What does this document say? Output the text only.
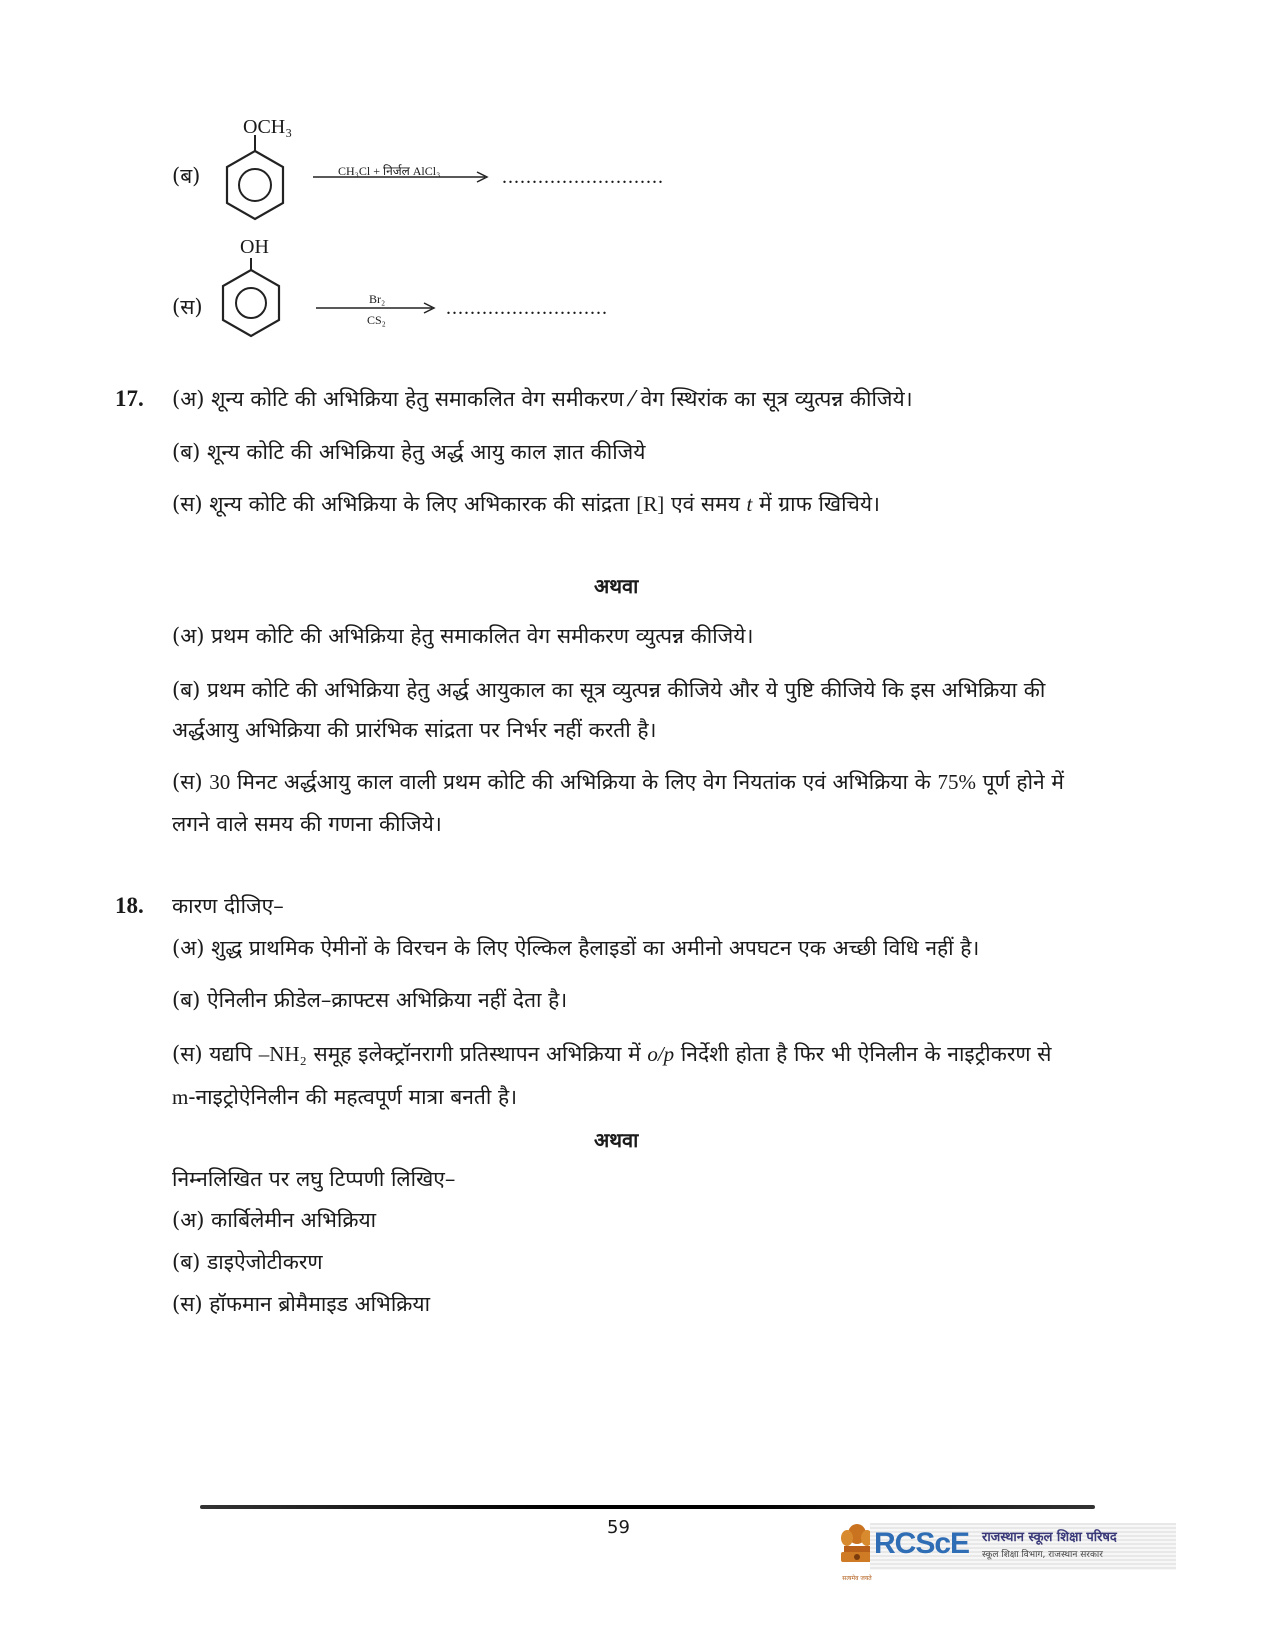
(ब)
OCH₃
CH₃Cl + निर्जल AlCl₃	...........................
(स)
OH
Br₂
CS₂
...........................
17. (अ) शून्य कोटि की अभिक्रिया हेतु समाकलित वेग समीकरण ⁄ वेग स्थिरांक का सूत्र व्युत्पन्न कीजिये।
(ब) शून्य कोटि की अभिक्रिया हेतु अर्द्ध आयु काल ज्ञात कीजिये
(स) शून्य कोटि की अभिक्रिया के लिए अभिकारक की सांद्रता [R] एवं समय t में ग्राफ खिचिये।
अथवा
(अ) प्रथम कोटि की अभिक्रिया हेतु समाकलित वेग समीकरण व्युत्पन्न कीजिये।
(ब) प्रथम कोटि की अभिक्रिया हेतु अर्द्ध आयुकाल का सूत्र व्युत्पन्न कीजिये और ये पुष्टि कीजिये कि इस अभिक्रिया की
अर्द्धआयु अभिक्रिया की प्रारंभिक सांद्रता पर निर्भर नहीं करती है।
(स) 30 मिनट अर्द्धआयु काल वाली प्रथम कोटि की अभिक्रिया के लिए वेग नियतांक एवं अभिक्रिया के 75% पूर्ण होने में
लगने वाले समय की गणना कीजिये।
18. कारण दीजिए–
(अ) शुद्ध प्राथमिक ऐमीनों के विरचन के लिए ऐल्किल हैलाइडों का अमीनो अपघटन एक अच्छी विधि नहीं है।
(ब) ऐनिलीन फ्रीडेल–क्राफ्टस अभिक्रिया नहीं देता है।
(स) यद्यपि –NH₂ समूह इलेक्ट्रॉनरागी प्रतिस्थापन अभिक्रिया में o/p निर्देशी होता है फिर भी ऐनिलीन के नाइट्रीकरण से
m-नाइट्रोऐनिलीन की महत्वपूर्ण मात्रा बनती है।
अथवा
निम्नलिखित पर लघु टिप्पणी लिखिए–
(अ) कार्बिलेमीन अभिक्रिया
(ब) डाइऐजोटीकरण
(स) हॉफमान ब्रोमैमाइड अभिक्रिया
59
सत्यमेव जयते
RCScE राजस्थान स्कूल शिक्षा परिषद
स्कूल शिक्षा विभाग, राजस्थान सरकार
